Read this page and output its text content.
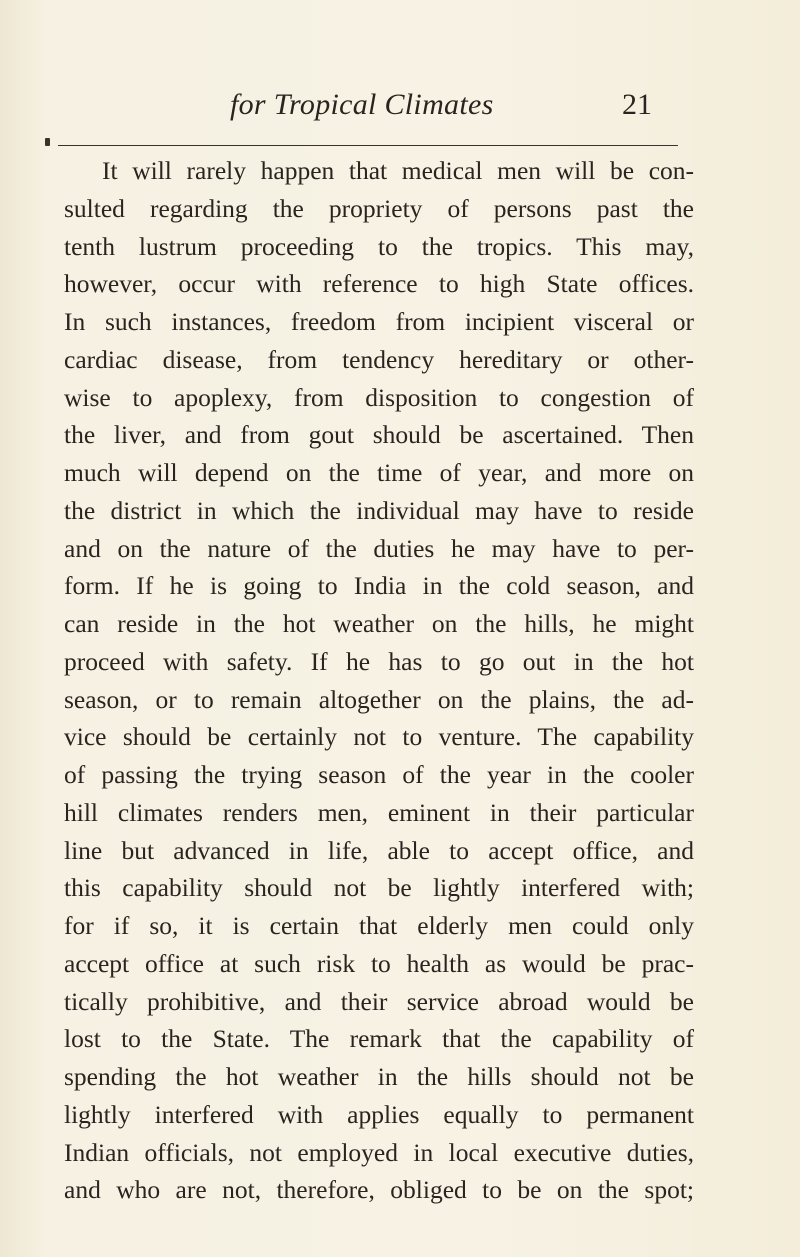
for Tropical Climates	21
It will rarely happen that medical men will be con-
sulted regarding the propriety of persons past the
tenth lustrum proceeding to the tropics. This may,
however, occur with reference to high State offices.
In such instances, freedom from incipient visceral or
cardiac disease, from tendency hereditary or other-
wise to apoplexy, from disposition to congestion of
the liver, and from gout should be ascertained. Then
much will depend on the time of year, and more on
the district in which the individual may have to reside
and on the nature of the duties he may have to per-
form. If he is going to India in the cold season, and
can reside in the hot weather on the hills, he might
proceed with safety. If he has to go out in the hot
season, or to remain altogether on the plains, the ad-
vice should be certainly not to venture. The capability
of passing the trying season of the year in the cooler
hill climates renders men, eminent in their particular
line but advanced in life, able to accept office, and
this capability should not be lightly interfered with;
for if so, it is certain that elderly men could only
accept office at such risk to health as would be prac-
tically prohibitive, and their service abroad would be
lost to the State. The remark that the capability of
spending the hot weather in the hills should not be
lightly interfered with applies equally to permanent
Indian officials, not employed in local executive duties,
and who are not, therefore, obliged to be on the spot;
